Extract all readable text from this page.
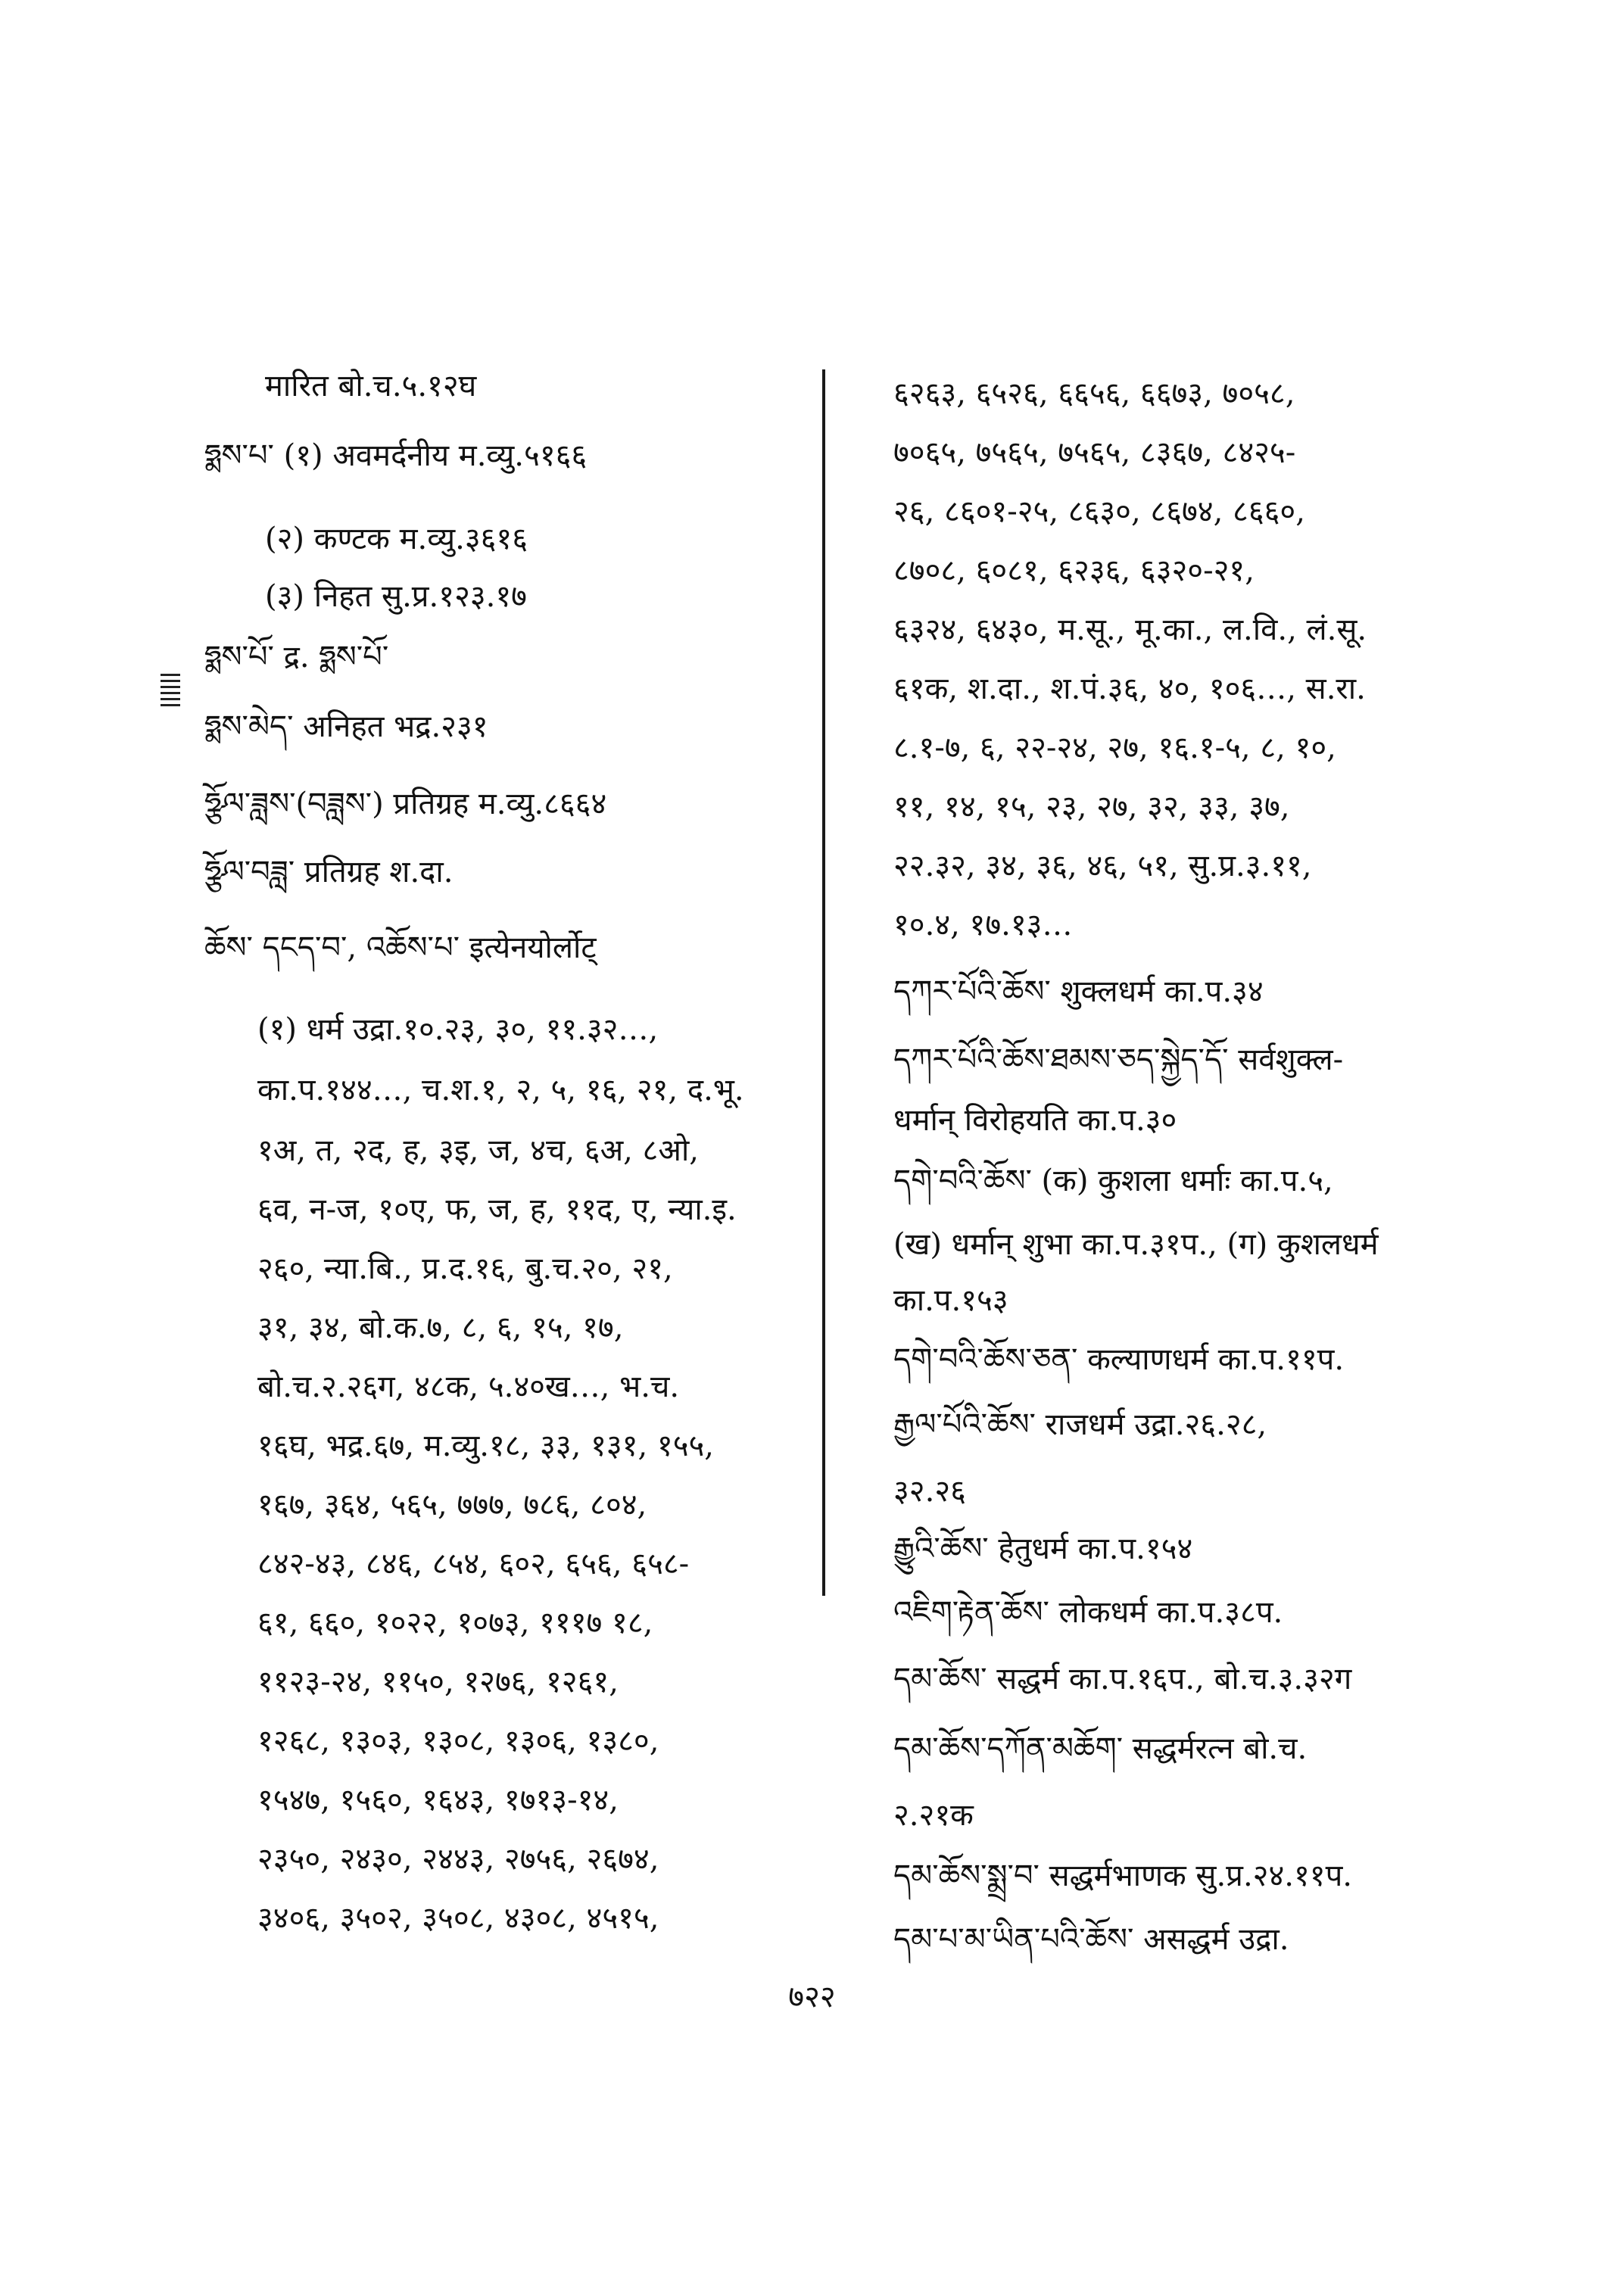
मारित बो.च.५.१२घ
ཧྨས་པ་ (१) अवमर्दनीय म.व्यु.५१६६
(२) कण्टक म.व्यु.३६१६
(३) निहत सु.प्र.१२३.१७
ཧྨས་པོ་ द्र. ཧྨས་པོ་
ཧྨས་མེད་ अनिहत भद्र.२३१
ཧྩོལ་ཟླས་(བཟླས་) प्रतिग्रह म.व्यु.८६६४
ཧྩོལ་བཟླ་ प्रतिग्रह श.दा.
ཆོས་ དངད་བ་, འཆོས་པ་ इत्येनयोर्लोट्
(१) धर्म उद्रा.१०.२३, ३०, ११.३२…,
का.प.१४४…, च.श.१, २, ५, १६, २१, द.भू.
१अ, त, २द, ह, ३इ, ज, ४च, ६अ, ८ओ,
६व, न-ज, १०ए, फ, ज, ह, ११द, ए, न्या.इ.
२६०, न्या.बि., प्र.द.१६, बु.च.२०, २१,
३१, ३४, बो.क.७, ८, ६, १५, १७,
बो.च.२.२६ग, ४८क, ५.४०ख…, भ.च.
१६घ, भद्र.६७, म.व्यु.१८, ३३, १३१, १५५,
१६७, ३६४, ५६५, ७७७, ७८६, ८०४,
८४२-४३, ८४६, ८५४, ६०२, ६५६, ६५८-
६१, ६६०, १०२२, १०७३, १११७ १८,
११२३-२४, ११५०, १२७६, १२६१,
१२६८, १३०३, १३०८, १३०६, १३८०,
१५४७, १५६०, १६४३, १७१३-१४,
२३५०, २४३०, २४४३, २७५६, २६७४,
३४०६, ३५०२, ३५०८, ४३०८, ४५१५,
६२६३, ६५२६, ६६५६, ६६७३, ७०५८,
७०६५, ७५६५, ७५६५, ८३६७, ८४२५-
२६, ८६०१-२५, ८६३०, ८६७४, ८६६०,
८७०८, ६०८१, ६२३६, ६३२०-२१,
६३२४, ६४३०, म.सू., मू.का., ल.वि., लं.सू.
६१क, श.दा., श.पं.३६, ४०, १०६…, स.रा.
८.१-७, ६, २२-२४, २७, १६.१-५, ८, १०,
११, १४, १५, २३, २७, ३२, ३३, ३७,
२२.३२, ३४, ३६, ४६, ५१, सु.प्र.३.११,
१०.४, १७.१३…
དཀར་པོའི་ཆོས་ शुक्लधर्म का.प.३४
དཀར་པོའི་ཆོས་ཐམས་ཅད་སྐྱེད་དོ་ सर्वशुक्ल-
धर्मान् विरोहयति का.प.३०
དགེ་བའི་ཆོས་ (क) कुशला धर्माः का.प.५,
(ख) धर्मान् शुभा का.प.३१प., (ग) कुशलधर्म
का.प.१५३
དགེ་བའི་ཆོས་ཅན་ कल्याणधर्म का.प.११प.
རྒྱལ་པོའི་ཆོས་ राजधर्म उद्रा.२६.२८,
३२.२६
རྒྱུའི་ཆོས་ हेतुधर्म का.प.१५४
འཇིག་རྟེན་ཆོས་ लोकधर्म का.प.३८प.
དམ་ཆོས་ सद्धर्म का.प.१६प., बो.च.३.३२ग
དམ་ཆོས་དཀོན་མཆོག་ सद्धर्मरत्न बो.च.
२.२१क
དམ་ཆོས་སྨྲ་བ་ सद्धर्मभाणक सु.प्र.२४.११प.
དམ་པ་མ་ཡིན་པའི་ཆོས་ असद्धर्म उद्रा.
७२२
